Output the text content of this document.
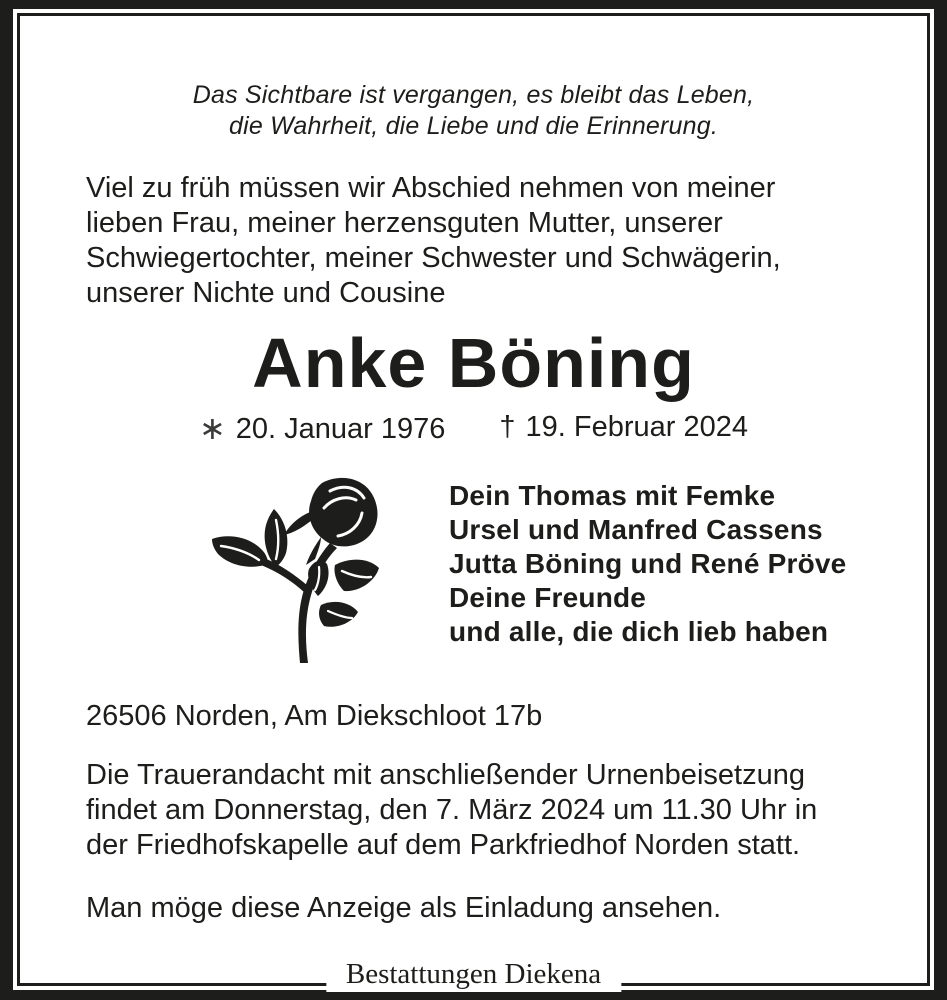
Das Sichtbare ist vergangen, es bleibt das Leben,
die Wahrheit, die Liebe und die Erinnerung.
Viel zu früh müssen wir Abschied nehmen von meiner
lieben Frau, meiner herzensguten Mutter, unserer
Schwiegertochter, meiner Schwester und Schwägerin,
unserer Nichte und Cousine
Anke Böning
∗ 20. Januar 1976 † 19. Februar 2024
Dein Thomas mit Femke
Ursel und Manfred Cassens
Jutta Böning und René Pröve
Deine Freunde
und alle, die dich lieb haben
26506 Norden, Am Diekschloot 17b
Die Trauerandacht mit anschließender Urnenbeisetzung
findet am Donnerstag, den 7. März 2024 um 11.30 Uhr in
der Friedhofskapelle auf dem Parkfriedhof Norden statt.
Man möge diese Anzeige als Einladung ansehen.
Bestattungen Diekena
